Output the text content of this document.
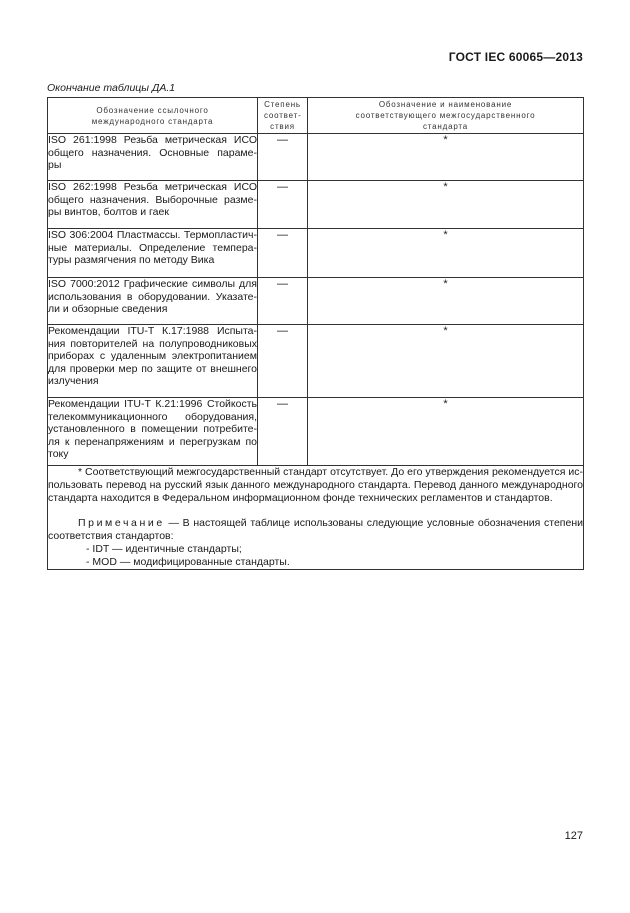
ГОСТ IEC 60065—2013
Окончание таблицы ДА.1
Обозначение ссылочного международного стандарта	Степень соответ- ствия	Обозначение и наименование соответствующего межгосударственного стандарта
ISO 261:1998 Резьба метрическая ИСО общего назначения. Основные параме- ры	—	*
ISO 262:1998 Резьба метрическая ИСО общего назначения. Выборочные разме- ры винтов, болтов и гаек	—	*
ISO 306:2004 Пластмассы. Термопластич- ные материалы. Определение темпера- туры размягчения по методу Вика	—	*
ISO 7000:2012 Графические символы для использования в оборудовании. Указате- ли и обзорные сведения	—	*
Рекомендации ITU-T К.17:1988 Испыта- ния повторителей на полупроводниковых приборах с удаленным электропитанием для проверки мер по защите от внешнего излучения	—	*
Рекомендации ITU-T К.21:1996 Стойкость телекоммуникационного оборудования, установленного в помещении потребите- ля к перенапряжениям и перегрузкам по току	—	*

* Соответствующий межгосударственный стандарт отсутствует. До его утверждения рекомендуется ис- пользовать перевод на русский язык данного международного стандарта. Перевод данного международного стандарта находится в Федеральном информационном фонде технических регламентов и стандартов.

Примечание — В настоящей таблице использованы следующие условные обозначения степени соответствия стандартов:

- IDT — идентичные стандарты;

- MOD — модифицированные стандарты.		

127
